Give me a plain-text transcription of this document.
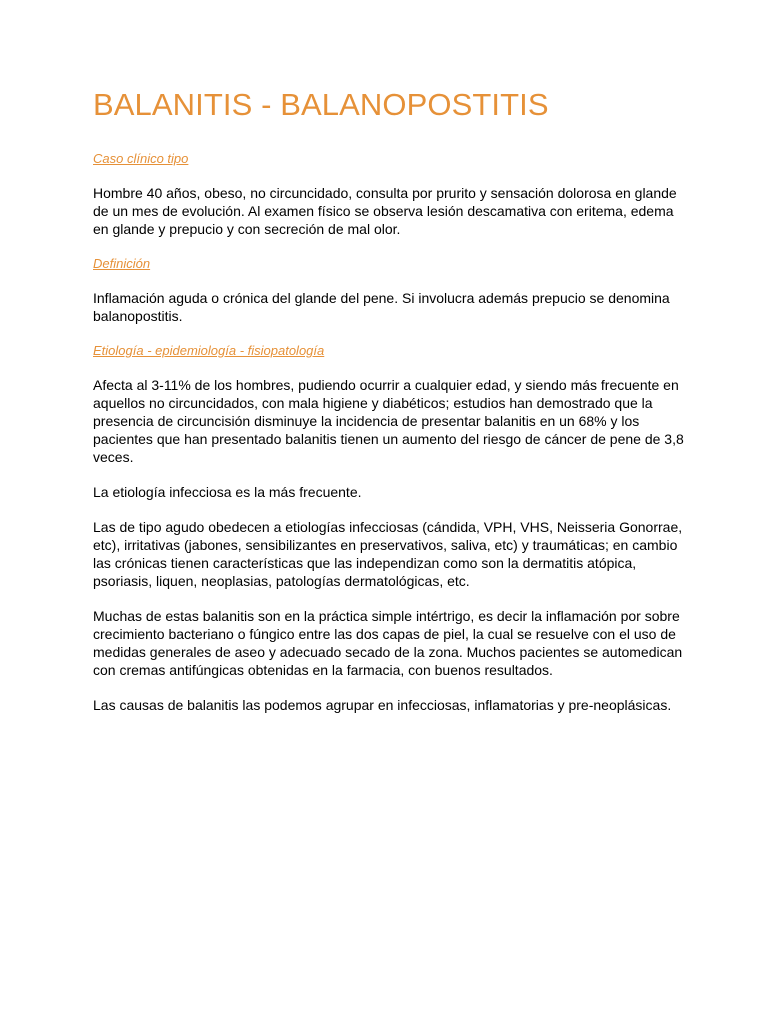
BALANITIS - BALANOPOSTITIS
Caso clínico tipo

Hombre 40 años, obeso, no circuncidado, consulta por prurito y sensación dolorosa en glande de un mes de evolución. Al examen físico se observa lesión descamativa con eritema, edema en glande y prepucio y con secreción de mal olor.

Definición

Inflamación aguda o crónica del glande del pene. Si involucra además prepucio se denomina balanopostitis.

Etiología - epidemiología - fisiopatología

Afecta al 3-11% de los hombres, pudiendo ocurrir a cualquier edad, y siendo más frecuente en aquellos no circuncidados, con mala higiene y diabéticos; estudios han demostrado que la presencia de circuncisión disminuye la incidencia de presentar balanitis en un 68% y los pacientes que han presentado balanitis tienen un aumento del riesgo de cáncer de pene de 3,8 veces.

La etiología infecciosa es la más frecuente.

Las de tipo agudo obedecen a etiologías infecciosas (cándida, VPH, VHS, Neisseria Gonorrae, etc), irritativas (jabones, sensibilizantes en preservativos, saliva, etc) y traumáticas; en cambio las crónicas tienen características que las independizan como son la dermatitis atópica, psoriasis, liquen, neoplasias, patologías dermatológicas, etc.

Muchas de estas balanitis son en la práctica simple intértrigo, es decir la inflamación por sobre crecimiento bacteriano o fúngico entre las dos capas de piel, la cual se resuelve con el uso de medidas generales de aseo y adecuado secado de la zona. Muchos pacientes se automedican con cremas antifúngicas obtenidas en la farmacia, con buenos resultados.

Las causas de balanitis las podemos agrupar en infecciosas, inflamatorias y pre-neoplásicas.
